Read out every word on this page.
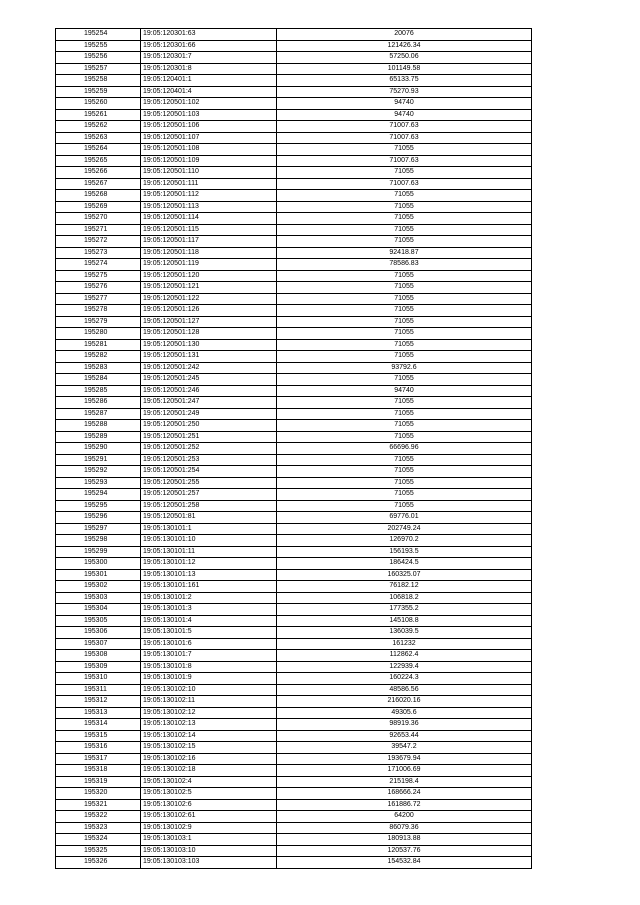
195254	19:05:120301:63	20076
195255	19:05:120301:66	121426.34
195256	19:05:120301:7	57250.06
195257	19:05:120301:8	101149.58
195258	19:05:120401:1	65133.75
195259	19:05:120401:4	75270.93
195260	19:05:120501:102	94740
195261	19:05:120501:103	94740
195262	19:05:120501:106	71007.63
195263	19:05:120501:107	71007.63
195264	19:05:120501:108	71055
195265	19:05:120501:109	71007.63
195266	19:05:120501:110	71055
195267	19:05:120501:111	71007.63
195268	19:05:120501:112	71055
195269	19:05:120501:113	71055
195270	19:05:120501:114	71055
195271	19:05:120501:115	71055
195272	19:05:120501:117	71055
195273	19:05:120501:118	92418.87
195274	19:05:120501:119	78586.83
195275	19:05:120501:120	71055
195276	19:05:120501:121	71055
195277	19:05:120501:122	71055
195278	19:05:120501:126	71055
195279	19:05:120501:127	71055
195280	19:05:120501:128	71055
195281	19:05:120501:130	71055
195282	19:05:120501:131	71055
195283	19:05:120501:242	93792.6
195284	19:05:120501:245	71055
195285	19:05:120501:246	94740
195286	19:05:120501:247	71055
195287	19:05:120501:249	71055
195288	19:05:120501:250	71055
195289	19:05:120501:251	71055
195290	19:05:120501:252	66696.96
195291	19:05:120501:253	71055
195292	19:05:120501:254	71055
195293	19:05:120501:255	71055
195294	19:05:120501:257	71055
195295	19:05:120501:258	71055
195296	19:05:120501:81	69776.01
195297	19:05:130101:1	202749.24
195298	19:05:130101:10	126970.2
195299	19:05:130101:11	156193.5
195300	19:05:130101:12	186424.5
195301	19:05:130101:13	160325.07
195302	19:05:130101:161	76182.12
195303	19:05:130101:2	106818.2
195304	19:05:130101:3	177355.2
195305	19:05:130101:4	145108.8
195306	19:05:130101:5	136039.5
195307	19:05:130101:6	161232
195308	19:05:130101:7	112862.4
195309	19:05:130101:8	122939.4
195310	19:05:130101:9	160224.3
195311	19:05:130102:10	48586.56
195312	19:05:130102:11	216020.16
195313	19:05:130102:12	49305.6
195314	19:05:130102:13	98919.36
195315	19:05:130102:14	92653.44
195316	19:05:130102:15	39547.2
195317	19:05:130102:16	193679.94
195318	19:05:130102:18	171006.69
195319	19:05:130102:4	215198.4
195320	19:05:130102:5	168666.24
195321	19:05:130102:6	161886.72
195322	19:05:130102:61	64200
195323	19:05:130102:9	86079.36
195324	19:05:130103:1	180913.88
195325	19:05:130103:10	120537.76
195326	19:05:130103:103	154532.84
